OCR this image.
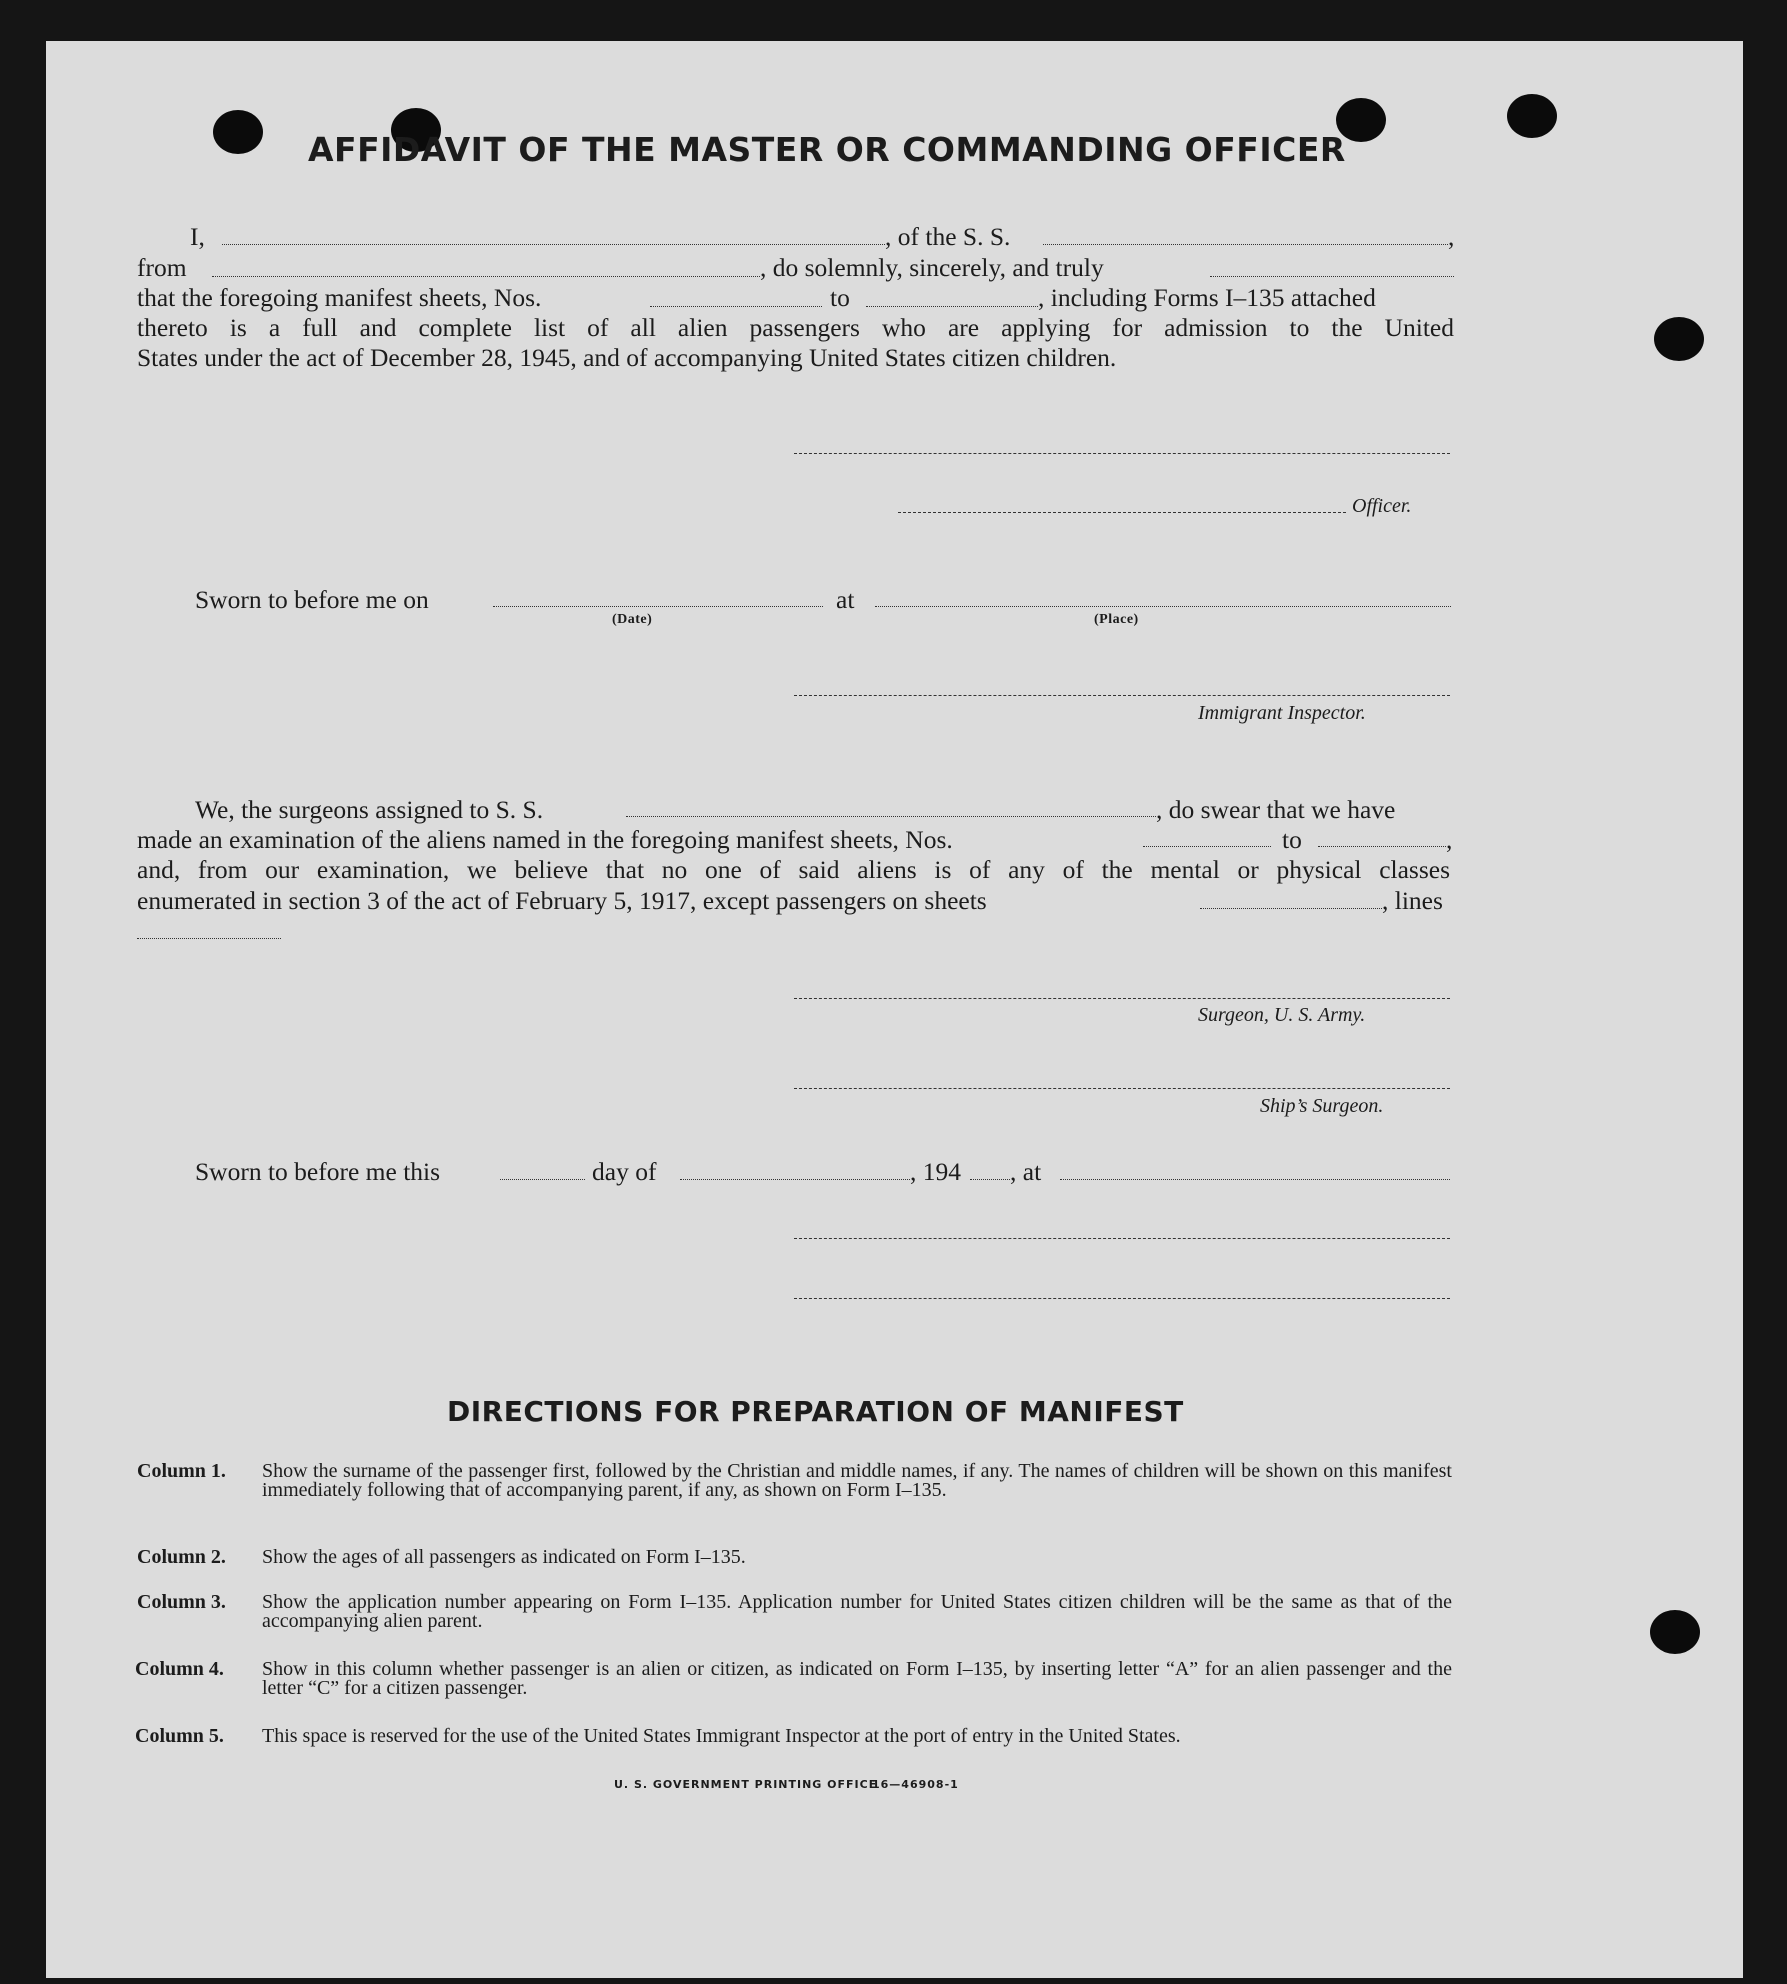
AFFIDAVIT OF THE MASTER OR COMMANDING OFFICER
I,	, of the S. S.	,
from	, do solemnly, sincerely, and truly
that the foregoing manifest sheets, Nos.	to	, including Forms I–135 attached
thereto is a full and complete list of all alien passengers who are applying for admission to the United
States under the act of December 28, 1945, and of accompanying United States citizen children.
Officer.
Sworn to before me on
(Date)
at
(Place)
Immigrant Inspector.
We, the surgeons assigned to S. S.	, do swear that we have
made an examination of the aliens named in the foregoing manifest sheets, Nos.	to	,
and, from our examination, we believe that no one of said aliens is of any of the mental or physical classes
enumerated in section 3 of the act of February 5, 1917, except passengers on sheets	, lines
Surgeon, U. S. Army.
Ship’s Surgeon.
Sworn to before me this	day of	, 194 , at
DIRECTIONS FOR PREPARATION OF MANIFEST
Column 1. Show the surname of the passenger first, followed by the Christian and middle names, if any. The names of children will be shown on this manifest immediately following that of accompanying parent, if any, as shown on Form I–135.
Column 2. Show the ages of all passengers as indicated on Form I–135.
Column 3. Show the application number appearing on Form I–135. Application number for United States citizen children will be the same as that of the accompanying alien parent.
Column 4. Show in this column whether passenger is an alien or citizen, as indicated on Form I–135, by inserting letter “A” for an alien passenger and the letter “C” for a citizen passenger.
Column 5. This space is reserved for the use of the United States Immigrant Inspector at the port of entry in the United States.
U. S. GOVERNMENT PRINTING OFFICE
16—46908-1
